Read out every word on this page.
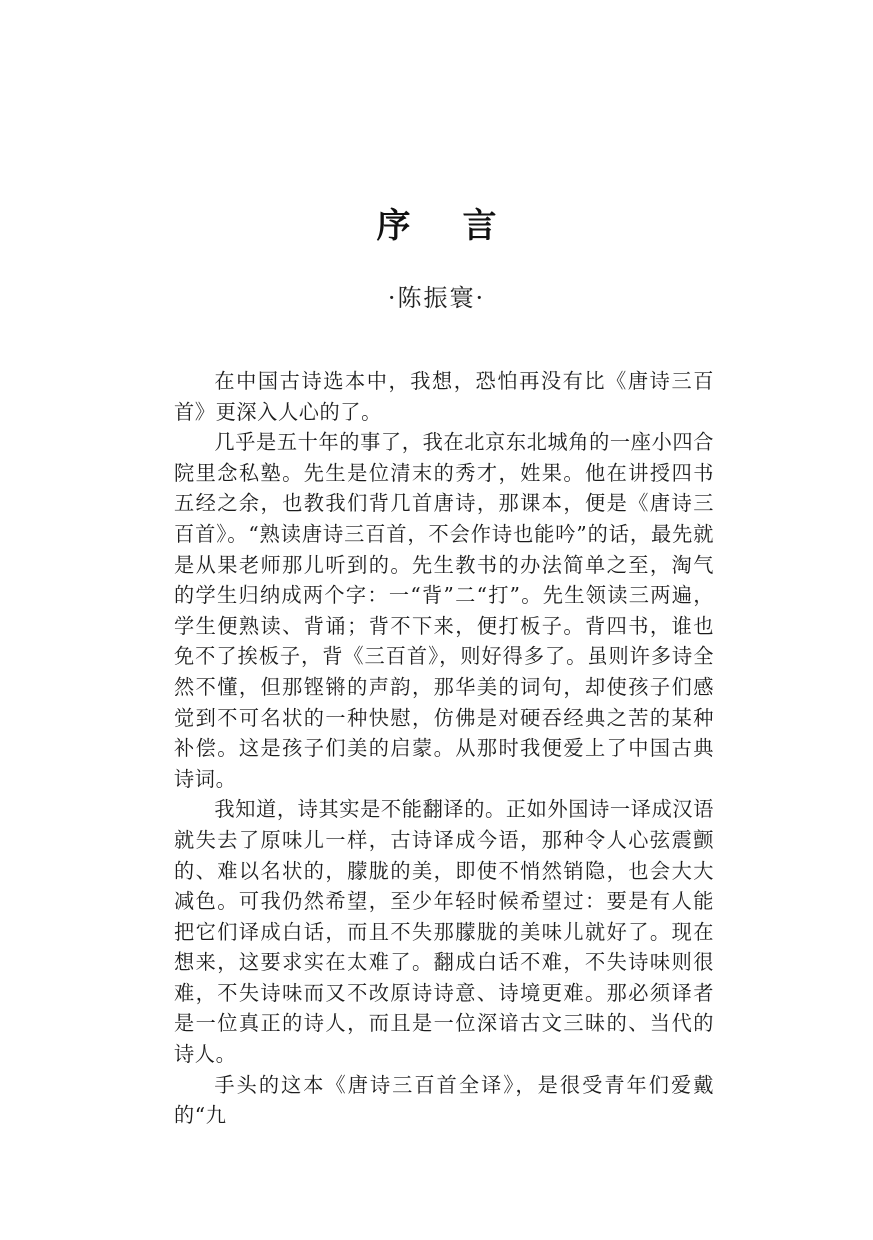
序言
·陈振寰·

在中国古诗选本中，我想，恐怕再没有比《唐诗三百首》更深入人心的了。

几乎是五十年的事了，我在北京东北城角的一座小四合院里念私塾。先生是位清末的秀才，姓果。他在讲授四书五经之余，也教我们背几首唐诗，那课本，便是《唐诗三百首》。“熟读唐诗三百首，不会作诗也能吟”的话，最先就是从果老师那儿听到的。先生教书的办法简单之至，淘气的学生归纳成两个字：一“背”二“打”。先生领读三两遍，学生便熟读、背诵；背不下来，便打板子。背四书，谁也免不了挨板子，背《三百首》，则好得多了。虽则许多诗全然不懂，但那铿锵的声韵，那华美的词句，却使孩子们感觉到不可名状的一种快慰，仿佛是对硬吞经典之苦的某种补偿。这是孩子们美的启蒙。从那时我便爱上了中国古典诗词。

我知道，诗其实是不能翻译的。正如外国诗一译成汉语就失去了原味儿一样，古诗译成今语，那种令人心弦震颤的、难以名状的，朦胧的美，即使不悄然销隐，也会大大减色。可我仍然希望，至少年轻时候希望过：要是有人能把它们译成白话，而且不失那朦胧的美味儿就好了。现在想来，这要求实在太难了。翻成白话不难，不失诗味则很难，不失诗味而又不改原诗诗意、诗境更难。那必须译者是一位真正的诗人，而且是一位深谙古文三昧的、当代的诗人。

手头的这本《唐诗三百首全译》，是很受青年们爱戴的“九
